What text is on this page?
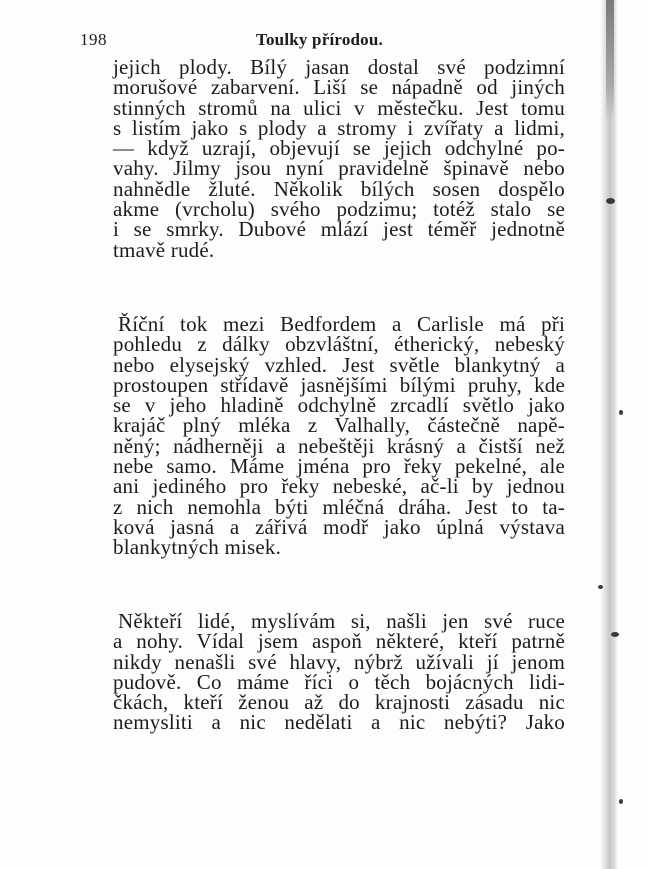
198	Toulky přírodou.
jejich plody. Bílý jasan dostal své podzimní
morušové zabarvení. Liší se nápadně od jiných
stinných stromů na ulici v městečku. Jest tomu
s listím jako s plody a stromy i zvířaty a lidmi,
— když uzrají, objevují se jejich odchylné po-
vahy. Jilmy jsou nyní pravidelně špinavě nebo
nahnědle žluté. Několik bílých sosen dospělo
akme (vrcholu) svého podzimu; totéž stalo se
i se smrky. Dubové mlází jest téměř jednotně
tmavě rudé.
Říční tok mezi Bedfordem a Carlisle má při
pohledu z dálky obzvláštní, étherický, nebeský
nebo elysejský vzhled. Jest světle blankytný a
prostoupen střídavě jasnějšími bílými pruhy, kde
se v jeho hladině odchylně zrcadlí světlo jako
krajáč plný mléka z Valhally, částečně napě-
něný; nádherněji a nebeštěji krásný a čistší než
nebe samo. Máme jména pro řeky pekelné, ale
ani jediného pro řeky nebeské, ač-li by jednou
z nich nemohla býti mléčná dráha. Jest to ta-
ková jasná a zářivá modř jako úplná výstava
blankytných misek.
Někteří lidé, myslívám si, našli jen své ruce
a nohy. Vídal jsem aspoň některé, kteří patrně
nikdy nenašli své hlavy, nýbrž užívali jí jenom
pudově. Co máme říci o těch bojácných lidi-
čkách, kteří ženou až do krajnosti zásadu nic
nemysliti a nic nedělati a nic nebýti? Jako
